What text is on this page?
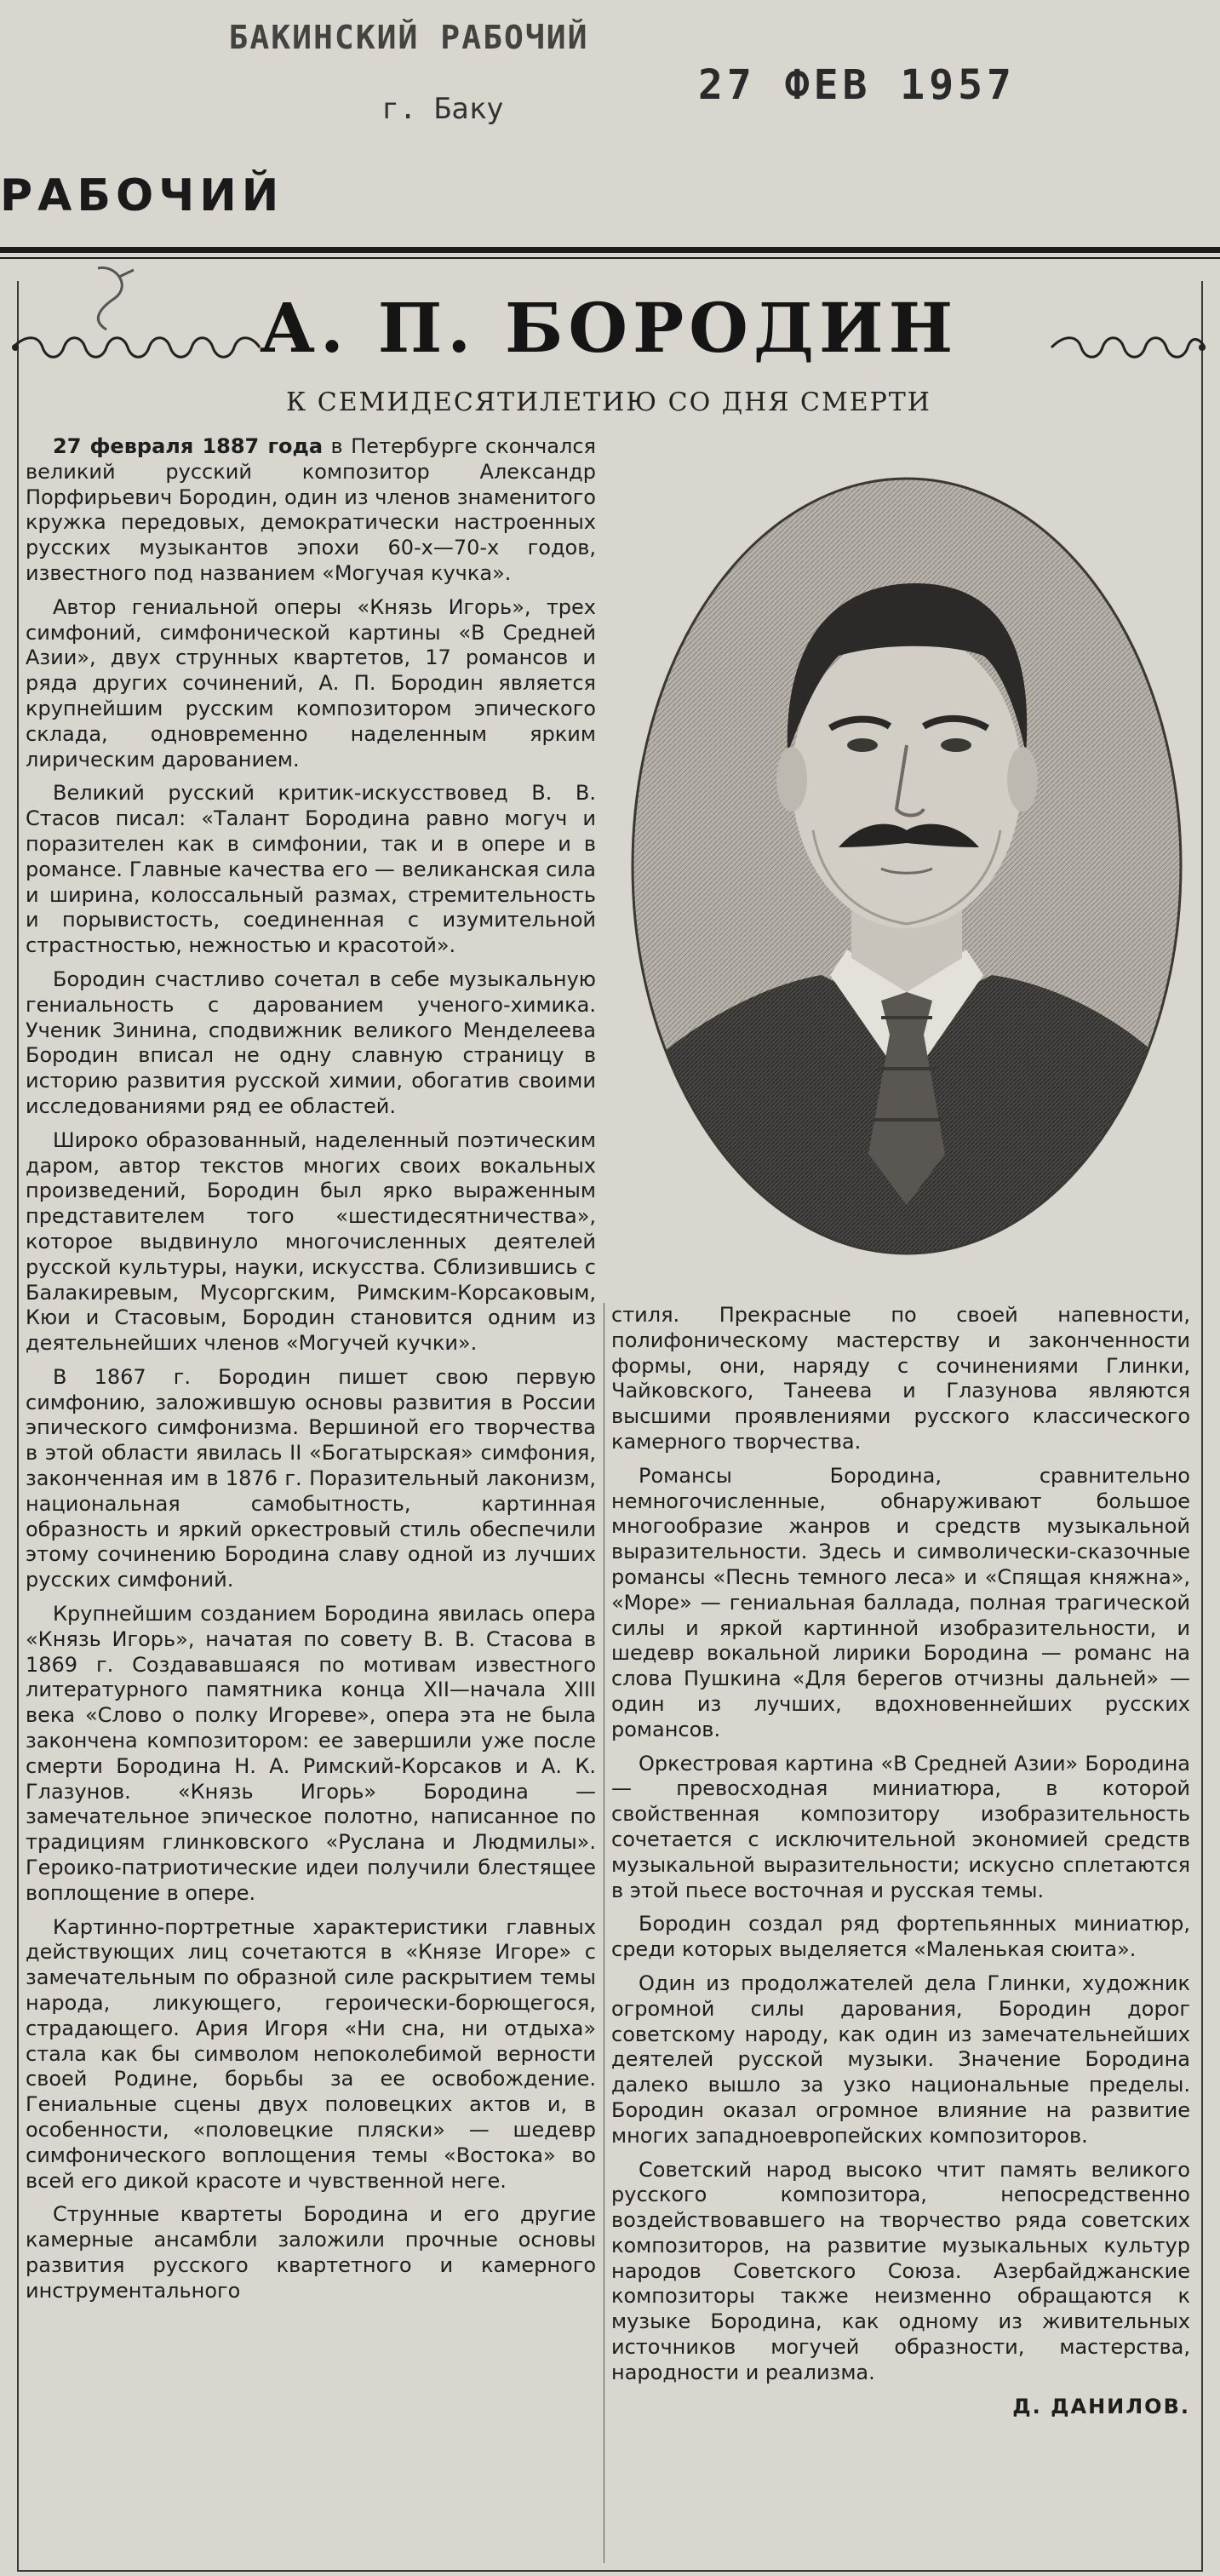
БАКИНСКИЙ РАБОЧИЙ
г. Баку	27 ФЕВ 1957
РАБОЧИЙ
А. П. БОРОДИН
К СЕМИДЕСЯТИЛЕТИЮ СО ДНЯ СМЕРТИ

27 февраля 1887 года в Петербурге скончался великий русский композитор Александр Порфирьевич Бородин, один из членов знаменитого кружка передовых, демократически настроенных русских музыкантов эпохи 60-х—70-х годов, известного под названием «Могучая кучка».

Автор гениальной оперы «Князь Игорь», трех симфоний, симфонической картины «В Средней Азии», двух струнных квартетов, 17 романсов и ряда других сочинений, А. П. Бородин является крупнейшим русским композитором эпического склада, одновременно наделенным ярким лирическим дарованием.

Великий русский критик-искусствовед В. В. Стасов писал: «Талант Бородина равно могуч и поразителен как в симфонии, так и в опере и в романсе. Главные качества его — великанская сила и ширина, колоссальный размах, стремительность и порывистость, соединенная с изумительной страстностью, нежностью и красотой».

Бородин счастливо сочетал в себе музыкальную гениальность с дарованием ученого-химика. Ученик Зинина, сподвижник великого Менделеева Бородин вписал не одну славную страницу в историю развития русской химии, обогатив своими исследованиями ряд ее областей.

Широко образованный, наделенный поэтическим даром, автор текстов многих своих вокальных произведений, Бородин был ярко выраженным представителем того «шестидесятничества», которое выдвинуло многочисленных деятелей русской культуры, науки, искусства. Сблизившись с Балакиревым, Мусоргским, Римским-Корсаковым, Кюи и Стасовым, Бородин становится одним из деятельнейших членов «Могучей кучки».

В 1867 г. Бородин пишет свою первую симфонию, заложившую основы развития в России эпического симфонизма. Вершиной его творчества в этой области явилась II «Богатырская» симфония, законченная им в 1876 г. Поразительный лаконизм, национальная самобытность, картинная образность и яркий оркестровый стиль обеспечили этому сочинению Бородина славу одной из лучших русских симфоний.

Крупнейшим созданием Бородина явилась опера «Князь Игорь», начатая по совету В. В. Стасова в 1869 г. Создававшаяся по мотивам известного литературного памятника конца XII—начала XIII века «Слово о полку Игореве», опера эта не была закончена композитором: ее завершили уже после смерти Бородина Н. А. Римский-Корсаков и А. К. Глазунов. «Князь Игорь» Бородина —замечательное эпическое полотно, написанное по традициям глинковского «Руслана и Людмилы». Героико-патриотические идеи получили блестящее воплощение в опере.

Картинно-портретные характеристики главных действующих лиц сочетаются в «Князе Игоре» с замечательным по образной силе раскрытием темы народа, ликующего, героически-борющегося, страдающего. Ария Игоря «Ни сна, ни отдыха» стала как бы символом непоколебимой верности своей Родине, борьбы за ее освобождение. Гениальные сцены двух половецких актов и, в особенности, «половецкие пляски» — шедевр симфонического воплощения темы «Востока» во всей его дикой красоте и чувственной неге.

Струнные квартеты Бородина и его другие камерные ансамбли заложили прочные основы развития русского квартетного и камерного инструментального

стиля. Прекрасные по своей напевности, полифоническому мастерству и законченности формы, они, наряду с сочинениями Глинки, Чайковского, Танеева и Глазунова являются высшими проявлениями русского классического камерного творчества.

Романсы Бородина, сравнительно немногочисленные, обнаруживают большое многообразие жанров и средств музыкальной выразительности. Здесь и символически-сказочные романсы «Песнь темного леса» и «Спящая княжна», «Море» — гениальная баллада, полная трагической силы и яркой картинной изобразительности, и шедевр вокальной лирики Бородина — романс на слова Пушкина «Для берегов отчизны дальней» — один из лучших, вдохновеннейших русских романсов.

Оркестровая картина «В Средней Азии» Бородина — превосходная миниатюра, в которой свойственная композитору изобразительность сочетается с исключительной экономией средств музыкальной выразительности; искусно сплетаются в этой пьесе восточная и русская темы.

Бородин создал ряд фортепьянных миниатюр, среди которых выделяется «Маленькая сюита».

Один из продолжателей дела Глинки, художник огромной силы дарования, Бородин дорог советскому народу, как один из замечательнейших деятелей русской музыки. Значение Бородина далеко вышло за узко национальные пределы. Бородин оказал огромное влияние на развитие многих западноевропейских композиторов.

Советский народ высоко чтит память великого русского композитора, непосредственно воздействовавшего на творчество ряда советских композиторов, на развитие музыкальных культур народов Советского Союза. Азербайджанские композиторы также неизменно обращаются к музыке Бородина, как одному из живительных источников могучей образности, мастерства, народности и реализма.

Д. ДАНИЛОВ.
